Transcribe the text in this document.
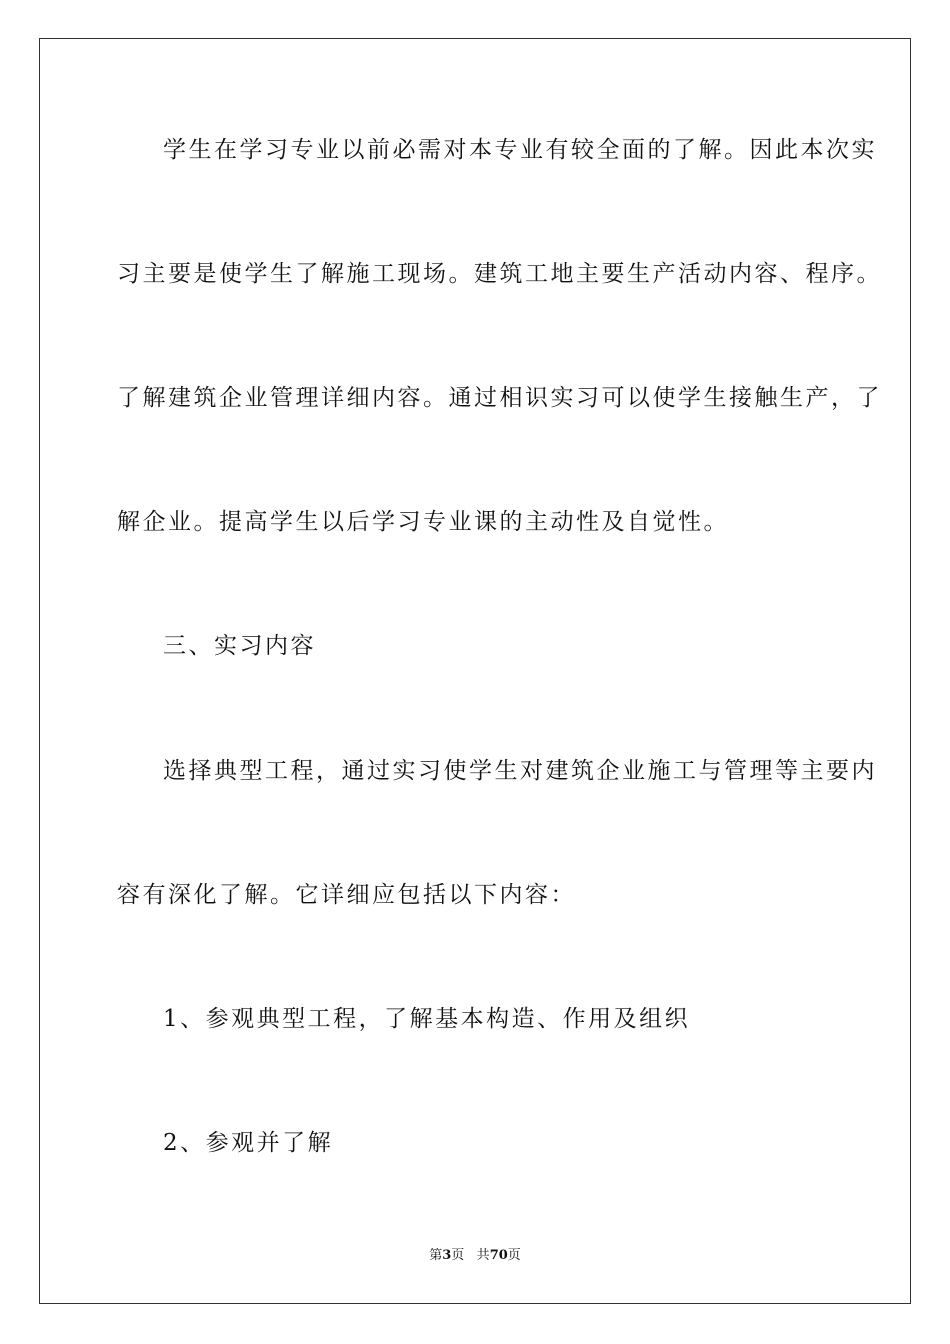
学生在学习专业以前必需对本专业有较全面的了解。因此本次实
习主要是使学生了解施工现场。建筑工地主要生产活动内容、程序。
了解建筑企业管理详细内容。通过相识实习可以使学生接触生产，了
解企业。提高学生以后学习专业课的主动性及自觉性。
三、实习内容
选择典型工程，通过实习使学生对建筑企业施工与管理等主要内
容有深化了解。它详细应包括以下内容：
1、参观典型工程，了解基本构造、作用及组织
2、参观并了解
第3页 共70页
